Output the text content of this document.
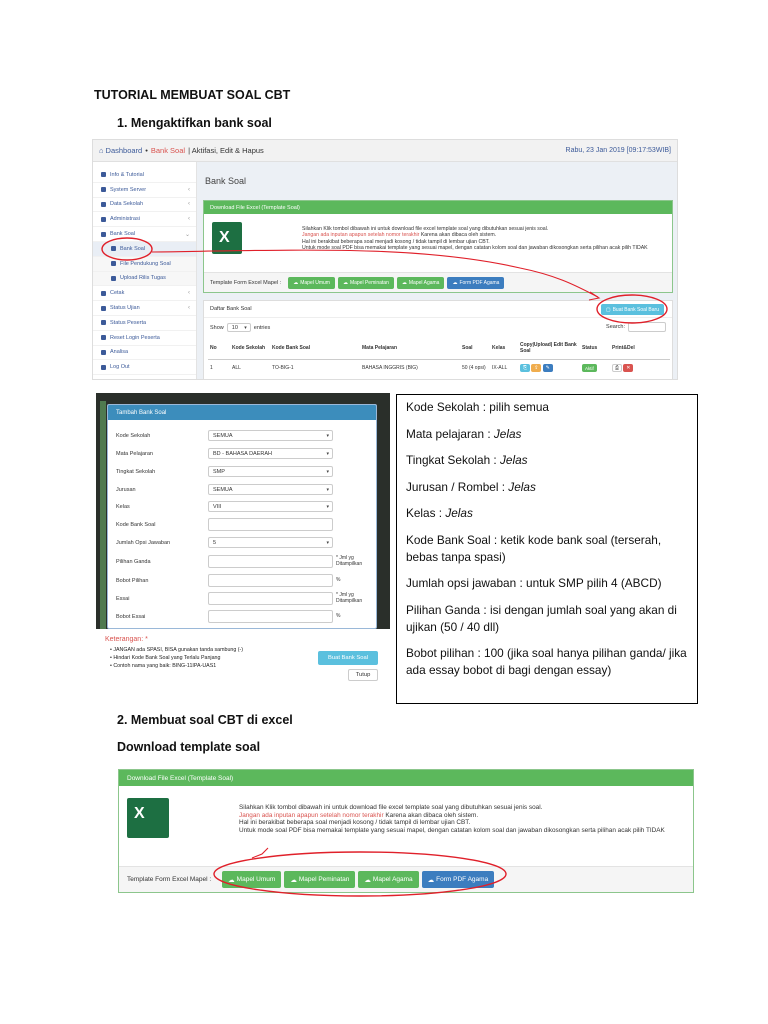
TUTORIAL MEMBUAT SOAL CBT
1. Mengaktifkan bank soal
⌂ Dashboard • Bank Soal | Aktifasi, Edit & Hapus	Rabu, 23 Jan 2019 [09:17:53WIB]
Info & Tutorial
System Server	‹
Data Sekolah	‹
Administrasi	‹
Bank Soal	⌄
Bank Soal
File Pendukung Soal
Upload Rilis Tugas
Cetak	‹
Status Ujian	‹
Status Peserta
Reset Login Peserta
Analisa
Log Out
Bank Soal
Download File Excel (Template Soal)
X
Silahkan Klik tombol dibawah ini untuk download file excel template soal yang dibutuhkan sesuai jenis soal.
Jangan ada inputan apapun setelah nomor terakhir Karena akan dibaca oleh sistem.
Hal ini berakibat beberapa soal menjadi kosong / tidak tampil di lembar ujian CBT.
Untuk mode soal PDF bisa memakai template yang sesuai mapel, dengan catatan kolom soal dan jawaban dikosongkan serta pilihan acak pilih TIDAK
Template Form Excel Mapel :	☁ Mapel Umum	☁ Mapel Peminatan	☁ Mapel Agama	☁ Form PDF Agama
Daftar Bank Soal	▢ Buat Bank Soal Baru
Show 10 ▾ entries	Search:
No	Kode Sekolah	Kode Bank Soal	Mata Pelajaran	Soal	Kelas	Copy|Upload| Edit Bank Soal	Status	Print&Del
1	ALL	TO-BIG-1	BAHASA INGGRIS (BIG)	50 (4 opsi)	IX-ALL	⎘ ⇪ ✎	Aktif	⎙ ✕
Tambah Bank Soal
Kode Sekolah	SEMUA	▾
Mata Pelajaran	BD - BAHASA DAERAH	▾
Tingkat Sekolah	SMP	▾
Jurusan	SEMUA	▾
Kelas	VIII	▾
Kode Bank Soal
Jumlah Opsi Jawaban	5	▾
Pilihan Ganda
* Jml yg Ditampilkan
Bobot Pilihan	%
Essai
* Jml yg Ditampilkan
Bobot Essai	%
Keterangan: *
• JANGAN ada SPASI, BISA gunakan tanda sambung (-)
• Hindari Kode Bank Soal yang Terlalu Panjang
• Contoh nama yang baik: BING-11IPA-UAS1
Buat Bank Soal
Tutup

Kode Sekolah : pilih semua

Mata pelajaran : Jelas

Tingkat Sekolah : Jelas

Jurusan / Rombel : Jelas

Kelas : Jelas

Kode Bank Soal : ketik kode bank soal (terserah, bebas tanpa spasi)

Jumlah opsi jawaban : untuk SMP pilih 4 (ABCD)

Pilihan Ganda : isi dengan jumlah soal yang akan di ujikan (50 / 40 dll)

Bobot pilihan : 100 (jika soal hanya pilihan ganda/ jika ada essay bobot di bagi dengan essay)

2. Membuat soal CBT di excel
Download template soal
Download File Excel (Template Soal)
X
Silahkan Klik tombol dibawah ini untuk download file excel template soal yang dibutuhkan sesuai jenis soal.
Jangan ada inputan apapun setelah nomor terakhir Karena akan dibaca oleh sistem.
Hal ini berakibat beberapa soal menjadi kosong / tidak tampil di lembar ujian CBT.
Untuk mode soal PDF bisa memakai template yang sesuai mapel, dengan catatan kolom soal dan jawaban dikosongkan serta pilihan acak pilih TIDAK
Template Form Excel Mapel :	☁ Mapel Umum	☁ Mapel Peminatan	☁ Mapel Agama	☁ Form PDF Agama
